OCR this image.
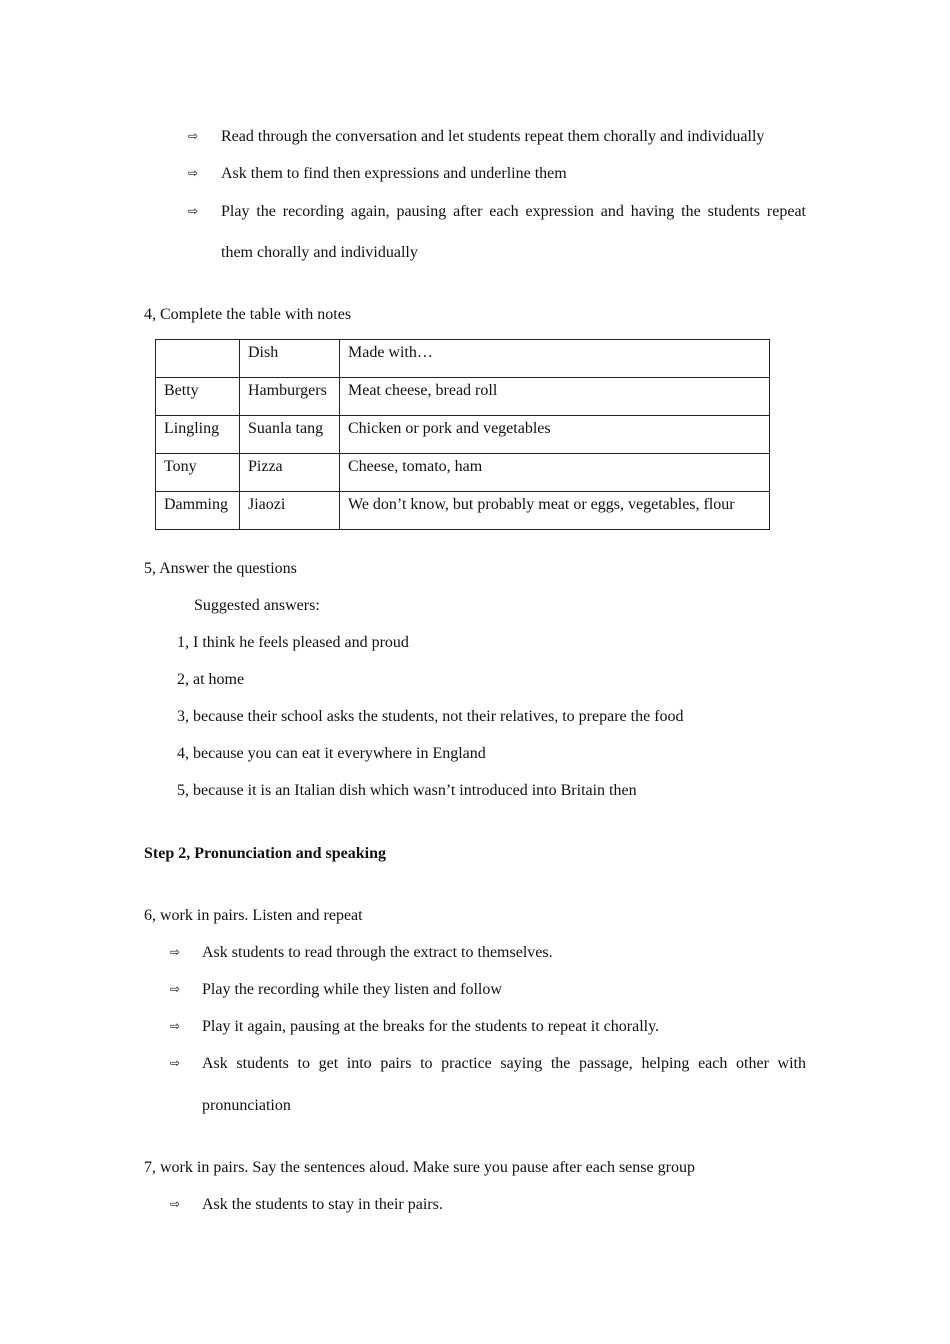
⇨ Read through the conversation and let students repeat them chorally and individually
⇨ Ask them to find then expressions and underline them
⇨ Play the recording again, pausing after each expression and having the students repeat
them chorally and individually
4, Complete the table with notes
	Dish	Made with…
Betty	Hamburgers	Meat cheese, bread roll
Lingling	Suanla tang	Chicken or pork and vegetables
Tony	Pizza	Cheese, tomato, ham
Damming	Jiaozi	We don’t know, but probably meat or eggs, vegetables, flour
5, Answer the questions
Suggested answers:
1, I think he feels pleased and proud
2, at home
3, because their school asks the students, not their relatives, to prepare the food
4, because you can eat it everywhere in England
5, because it is an Italian dish which wasn’t introduced into Britain then
Step 2, Pronunciation and speaking
6, work in pairs. Listen and repeat
⇨ Ask students to read through the extract to themselves.
⇨ Play the recording while they listen and follow
⇨ Play it again, pausing at the breaks for the students to repeat it chorally.
⇨ Ask students to get into pairs to practice saying the passage, helping each other with
pronunciation
7, work in pairs. Say the sentences aloud. Make sure you pause after each sense group
⇨ Ask the students to stay in their pairs.
